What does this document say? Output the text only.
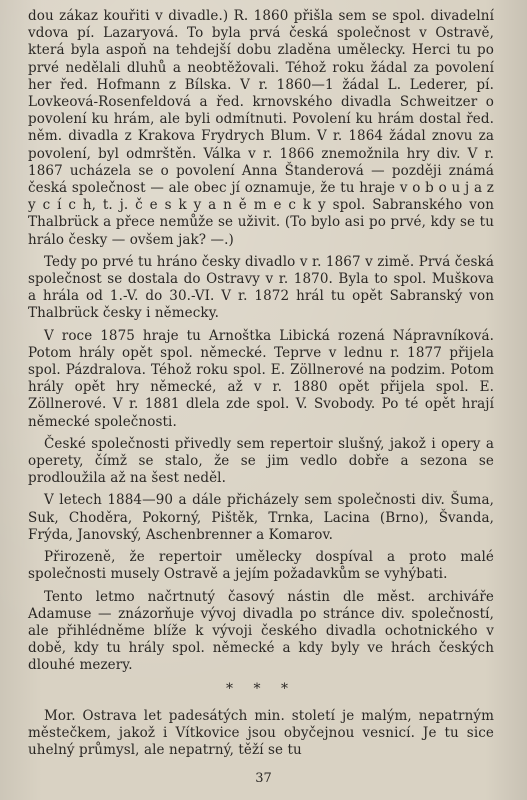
dou zákaz kouřiti v divadle.) R. 1860 přišla sem se spol. divadelní vdova pí. Lazaryová. To byla prvá česká společnost v Ostravě, která byla aspoň na tehdejší dobu zladěna umělecky. Herci tu po prvé nedělali dluhů a neobtěžovali. Téhož roku žádal za povolení her řed. Hofmann z Bílska. V r. 1860—1 žádal L. Lederer, pí. Lovkeová-Rosenfeldová a řed. krnovského divadla Schweitzer o povolení ku hrám, ale byli odmítnuti. Povolení ku hrám dostal řed. něm. divadla z Krakova Frydrych Blum. V r. 1864 žádal znovu za povolení, byl odmrštěn. Válka v r. 1866 znemožnila hry div. V r. 1867 ucházela se o povolení Anna Štanderová — později známá česká společnost — ale obec jí oznamuje, že tu hraje v o b o u j a z y c í c h, t. j. č e s k y a n ě m e c k y spol. Sabranského von Thalbrück a přece nemůže se uživit. (To bylo asi po prvé, kdy se tu hrálo česky — ovšem jak? —.)

Tedy po prvé tu hráno česky divadlo v r. 1867 v zimě. Prvá česká společnost se dostala do Ostravy v r. 1870. Byla to spol. Muškova a hrála od 1.-V. do 30.-VI. V r. 1872 hrál tu opět Sabranský von Thalbrück česky i německy.

V roce 1875 hraje tu Arnoštka Libická rozená Nápravníková. Potom hrály opět spol. německé. Teprve v lednu r. 1877 přijela spol. Pázdralova. Téhož roku spol. E. Zöllnerové na podzim. Potom hrály opět hry německé, až v r. 1880 opět přijela spol. E. Zöllnerové. V r. 1881 dlela zde spol. V. Svobody. Po té opět hrají německé společnosti.

České společnosti přivedly sem repertoir slušný, jakož i opery a operety, čímž se stalo, že se jim vedlo dobře a sezona se prodloužila až na šest neděl.

V letech 1884—90 a dále přicházely sem společnosti div. Šuma, Suk, Choděra, Pokorný, Pištěk, Trnka, Lacina (Brno), Švanda, Frýda, Janovský, Aschenbrenner a Komarov.

Přirozeně, že repertoir umělecky dospíval a proto malé společnosti musely Ostravě a jejím požadavkům se vyhýbati.

Tento letmo načrtnutý časový nástin dle měst. archiváře Adamuse — znázorňuje vývoj divadla po stránce div. společností, ale přihlédněme blíže k vývoji českého divadla ochotnického v době, kdy tu hrály spol. německé a kdy byly ve hrách českých dlouhé mezery.

* * *

Mor. Ostrava let padesátých min. století je malým, nepatrným městečkem, jakož i Vítkovice jsou obyčejnou vesnicí. Je tu sice uhelný průmysl, ale nepatrný, těží se tu

37
